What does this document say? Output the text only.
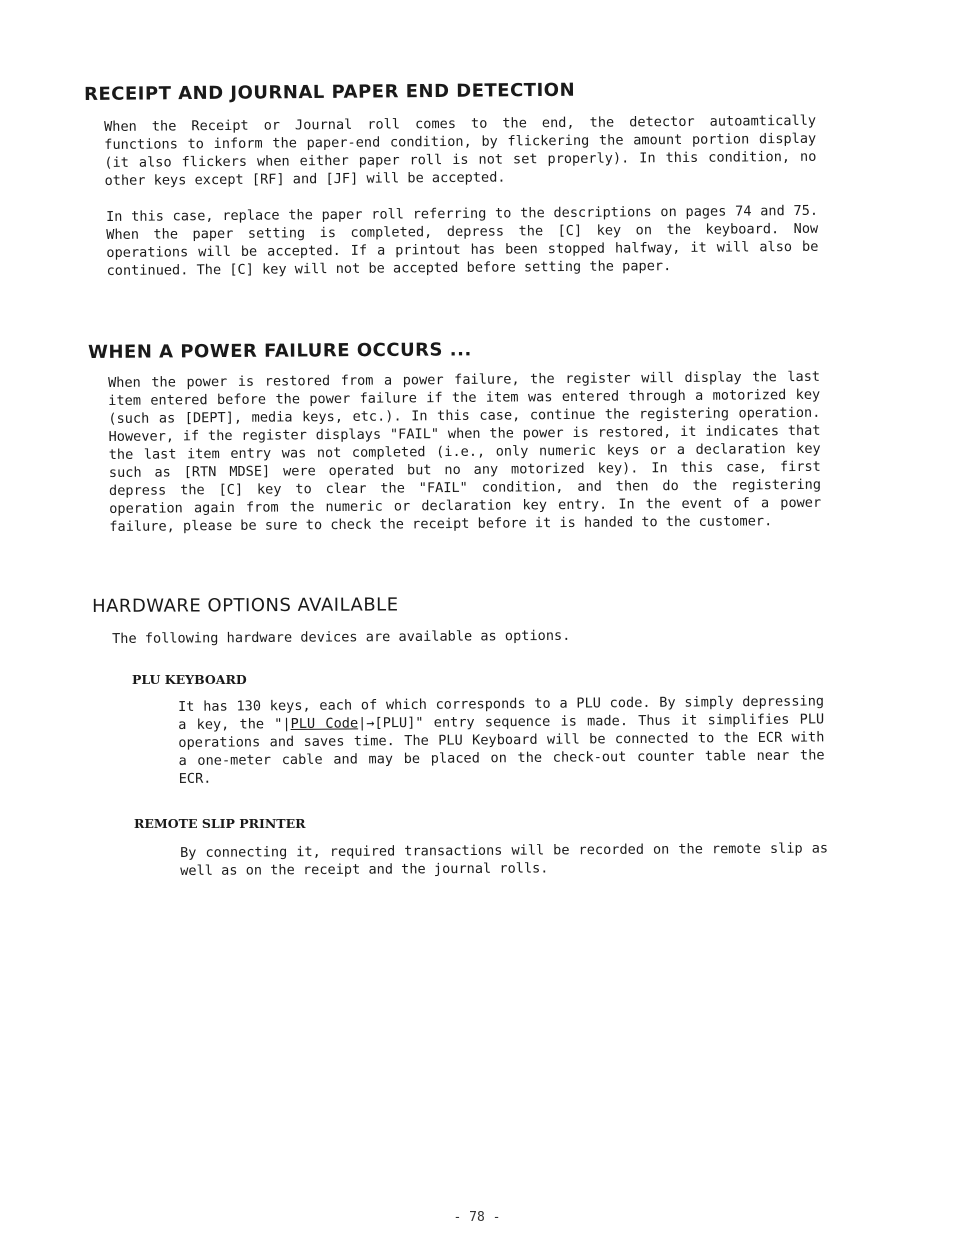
RECEIPT AND JOURNAL PAPER END DETECTION

When the Receipt or Journal roll comes to the end, the detector autoamtically functions to inform the paper-end condition, by flickering the amount portion display (it also flickers when either paper roll is not set properly). In this condition, no other keys except [RF] and [JF] will be accepted.

In this case, replace the paper roll referring to the descriptions on pages 74 and 75. When the paper setting is completed, depress the [C] key on the keyboard. Now operations will be accepted. If a printout has been stopped halfway, it will also be continued. The [C] key will not be accepted before setting the paper.

WHEN A POWER FAILURE OCCURS ...

When the power is restored from a power failure, the register will display the last item entered before the power failure if the item was entered through a motorized key (such as [DEPT], media keys, etc.). In this case, continue the registering operation. However, if the register displays "FAIL" when the power is restored, it indicates that the last item entry was not completed (i.e., only numeric keys or a declaration key such as [RTN MDSE] were operated but no any motorized key). In this case, first depress the [C] key to clear the "FAIL" condition, and then do the registering operation again from the numeric or declaration key entry. In the event of a power failure, please be sure to check the receipt before it is handed to the customer.

HARDWARE OPTIONS AVAILABLE

The following hardware devices are available as options.

PLU KEYBOARD

It has 130 keys, each of which corresponds to a PLU code. By simply depressing a key, the "|PLU Code|→[PLU]" entry sequence is made. Thus it simplifies PLU operations and saves time. The PLU Keyboard will be connected to the ECR with a one-meter cable and may be placed on the check-out counter table near the ECR.

REMOTE SLIP PRINTER

By connecting it, required transactions will be recorded on the remote slip as well as on the receipt and the journal rolls.

- 78 -
